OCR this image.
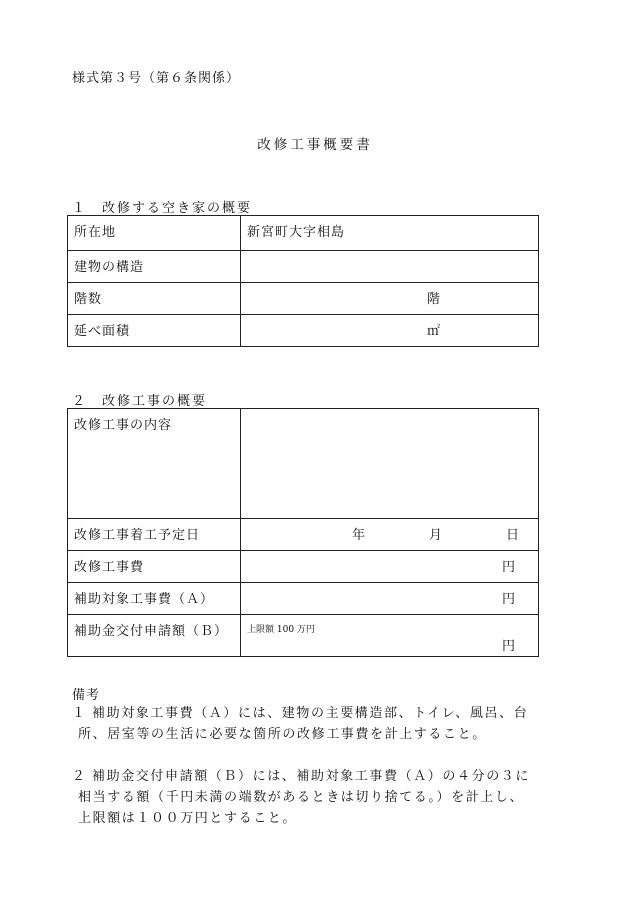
様式第３号（第６条関係）
改修工事概要書
１　改修する空き家の概要
所在地	新宮町大字相島
建物の構造	
階数	階
延べ面積	㎡
２　改修工事の概要
改修工事の内容	
改修工事着工予定日	年 月 日

改修工事費	円
補助対象工事費（Ａ）	円
補助金交付申請額（Ｂ）	上限額 100 万円
円
備考
１ 補助対象工事費（Ａ）には、建物の主要構造部、トイレ、風呂、台
所、居室等の生活に必要な箇所の改修工事費を計上すること。
２ 補助金交付申請額（Ｂ）には、補助対象工事費（Ａ）の４分の３に
相当する額（千円未満の端数があるときは切り捨てる。）を計上し、
上限額は１００万円とすること。
